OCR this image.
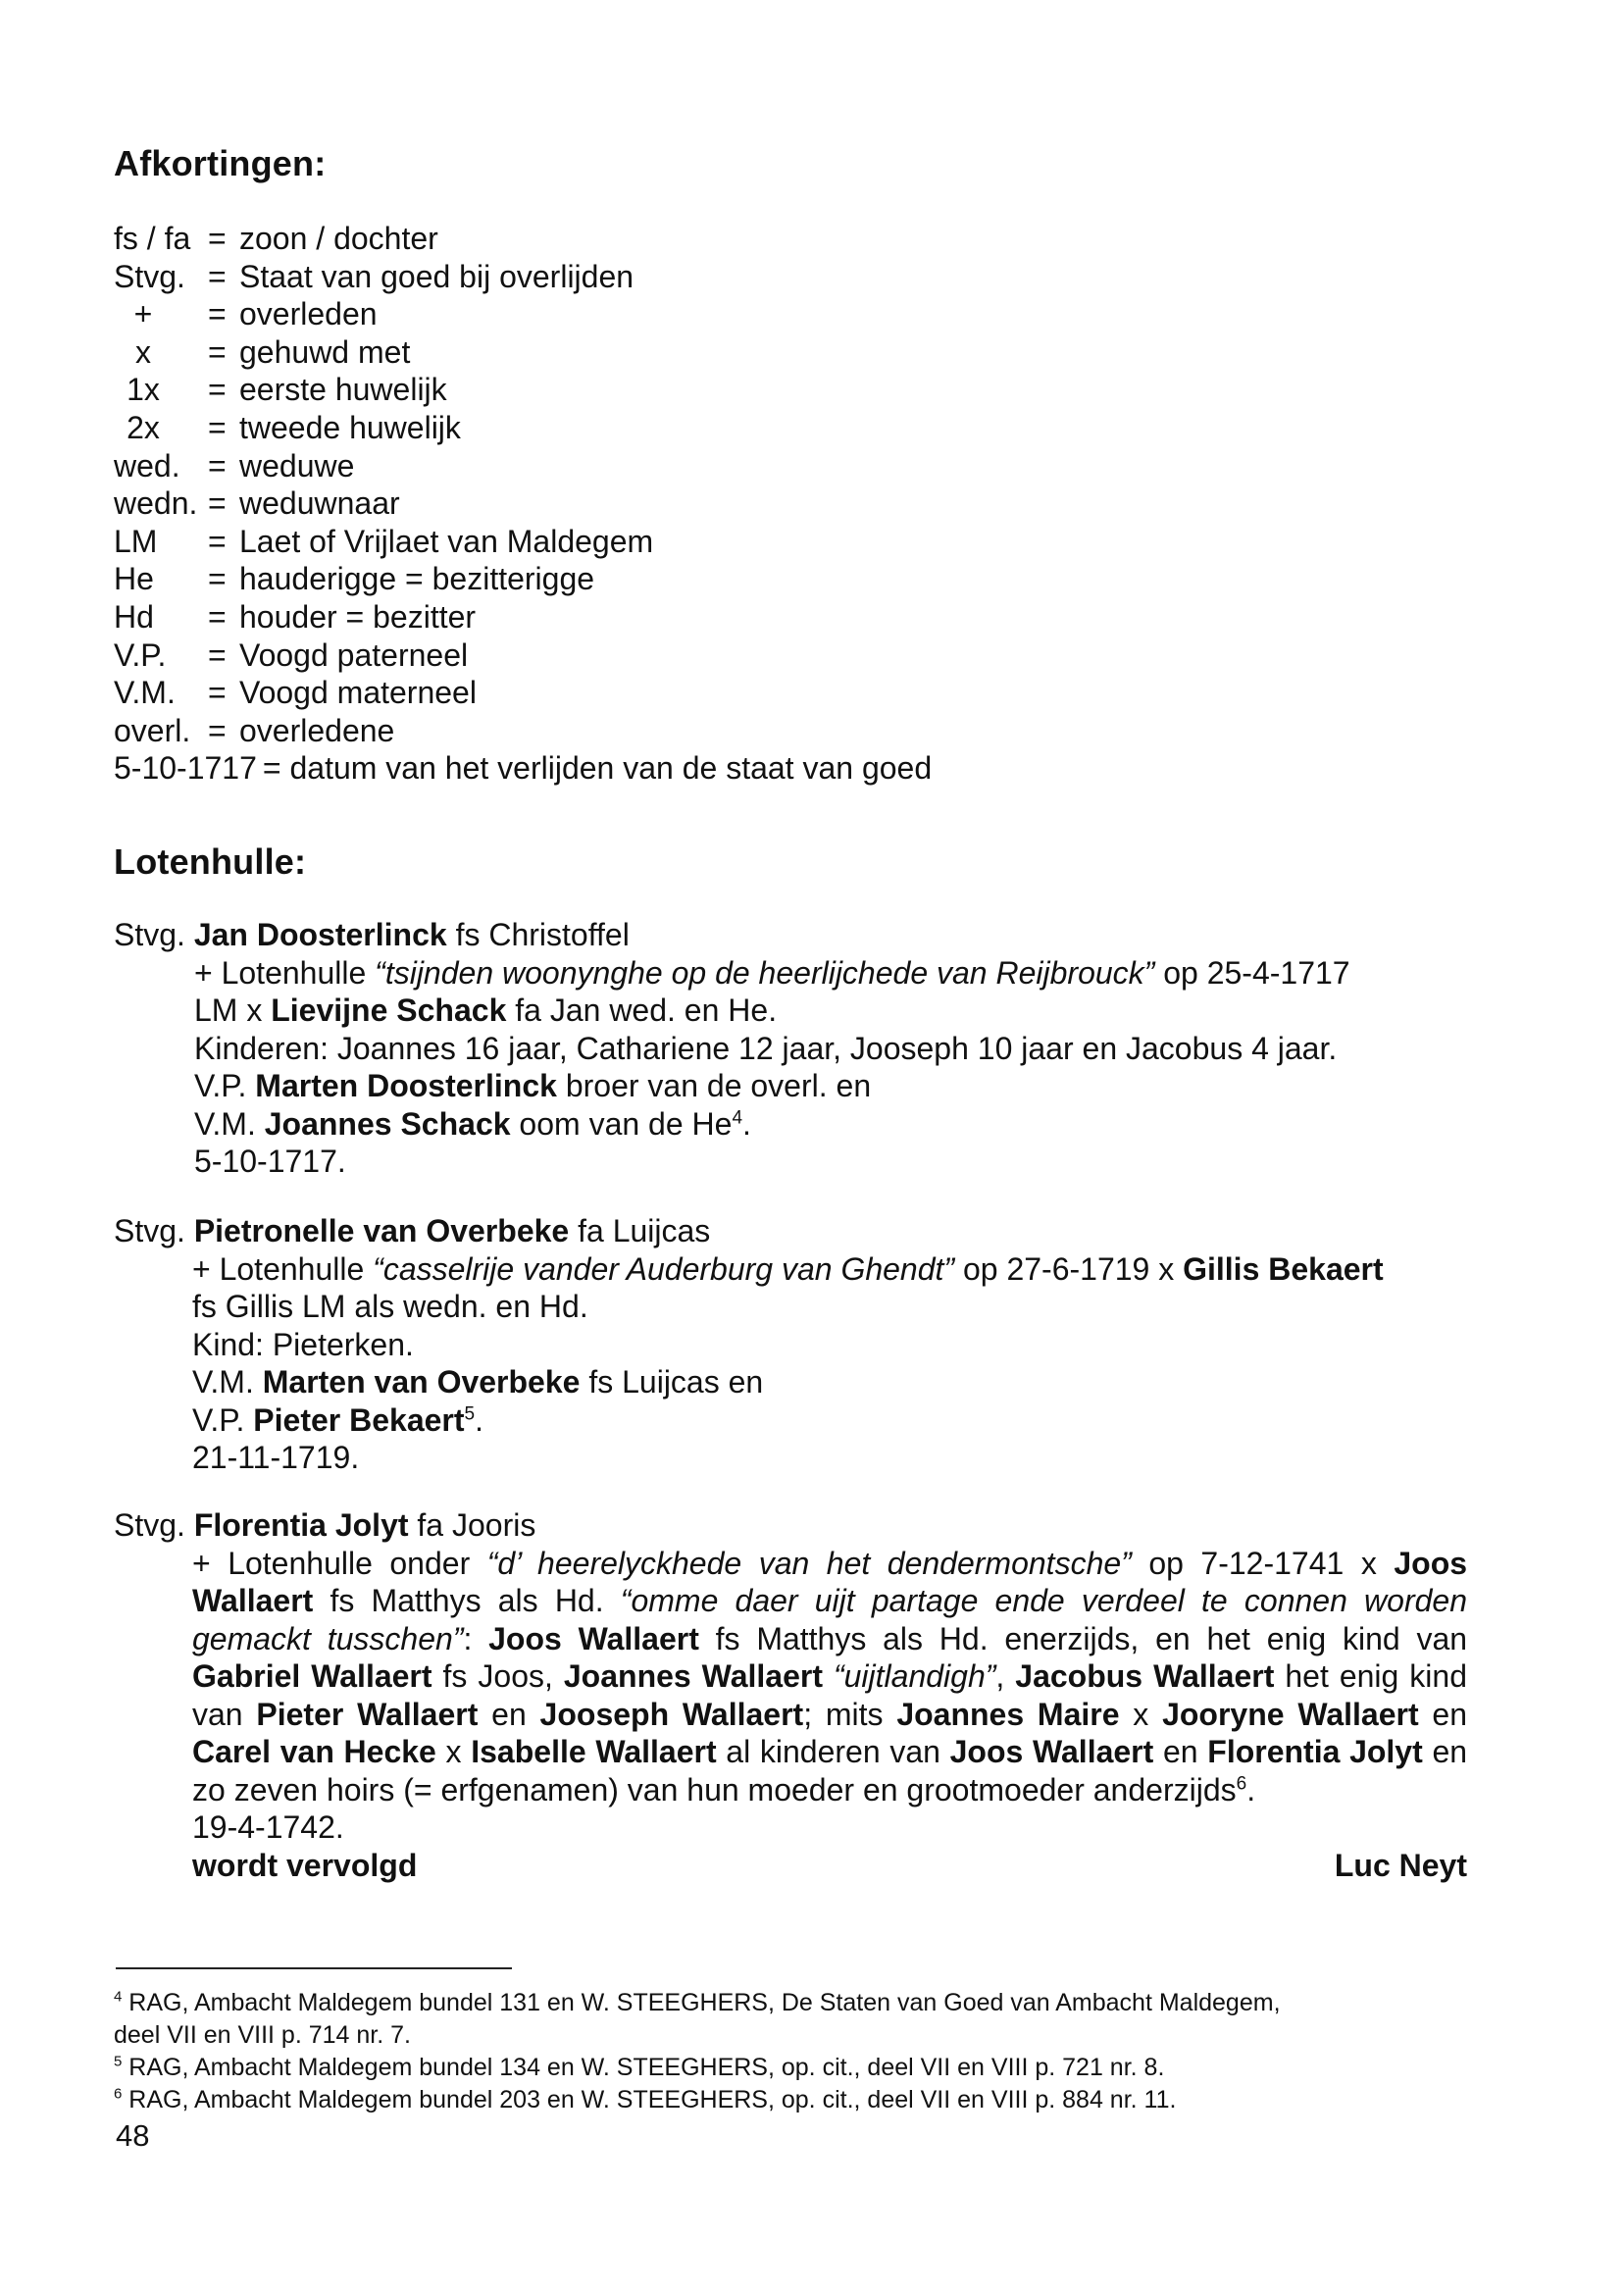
Afkortingen:
fs / fa = zoon / dochter
Stvg. = Staat van goed bij overlijden
+ = overleden
x = gehuwd met
1x = eerste huwelijk
2x = tweede huwelijk
wed. = weduwe
wedn. = weduwnaar
LM = Laet of Vrijlaet van Maldegem
He = hauderigge = bezitterigge
Hd = houder = bezitter
V.P. = Voogd paterneel
V.M. = Voogd materneel
overl. = overledene
5-10-1717 = datum van het verlijden van de staat van goed
Lotenhulle:
Stvg. Jan Doosterlinck fs Christoffel
+ Lotenhulle “tsijnden woonynghe op de heerlijchede van Reijbrouck” op 25-4-1717
LM x Lievijne Schack fa Jan wed. en He.
Kinderen: Joannes 16 jaar, Cathariene 12 jaar, Jooseph 10 jaar en Jacobus 4 jaar.
V.P. Marten Doosterlinck broer van de overl. en
V.M. Joannes Schack oom van de He$^4$.
5-10-1717.
Stvg. Pietronelle van Overbeke fa Luijcas
+ Lotenhulle “casselrije vander Auderburg van Ghendt” op 27-6-1719 x Gillis Bekaert
fs Gillis LM als wedn. en Hd.
Kind: Pieterken.
V.M. Marten van Overbeke fs Luijcas en
V.P. Pieter Bekaert$^5$.
21-11-1719.
Stvg. Florentia Jolyt fa Jooris
+ Lotenhulle onder “d’ heerelyckhede van het dendermontsche” op 7-12-1741 x Joos Wallaert fs Matthys als Hd. “omme daer uijt partage ende verdeel te connen worden gemackt tusschen”: Joos Wallaert fs Matthys als Hd. enerzijds, en het enig kind van Gabriel Wallaert fs Joos, Joannes Wallaert “uijtlandigh”, Jacobus Wallaert het enig kind van Pieter Wallaert en Jooseph Wallaert; mits Joannes Maire x Jooryne Wallaert en Carel van Hecke x Isabelle Wallaert al kinderen van Joos Wallaert en Florentia Jolyt en zo zeven hoirs (= erfgenamen) van hun moeder en grootmoeder anderzijds$^6$.
19-4-1742.
wordt vervolgd	Luc Neyt
$^4$ RAG, Ambacht Maldegem bundel 131 en W. STEEGHERS, De Staten van Goed van Ambacht Maldegem,
deel VII en VIII p. 714 nr. 7.
$^5$ RAG, Ambacht Maldegem bundel 134 en W. STEEGHERS, op. cit., deel VII en VIII p. 721 nr. 8.
$^6$ RAG, Ambacht Maldegem bundel 203 en W. STEEGHERS, op. cit., deel VII en VIII p. 884 nr. 11.
48
